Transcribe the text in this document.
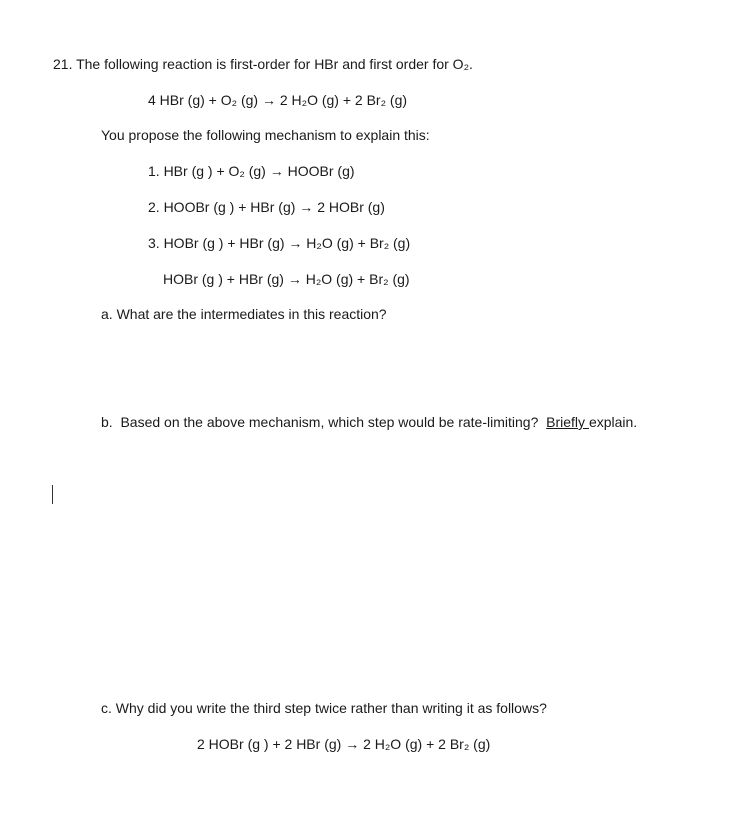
21. The following reaction is first-order for HBr and first order for O₂.
4 HBr (g) + O₂ (g) → 2 H₂O (g) + 2 Br₂ (g)
You propose the following mechanism to explain this:
1. HBr (g ) + O₂ (g) → HOOBr (g)
2. HOOBr (g ) + HBr (g) → 2 HOBr (g)
3. HOBr (g ) + HBr (g) → H₂O (g) + Br₂ (g)
HOBr (g ) + HBr (g) → H₂O (g) + Br₂ (g)
a. What are the intermediates in this reaction?
b.  Based on the above mechanism, which step would be rate-limiting?  Briefly explain.
c. Why did you write the third step twice rather than writing it as follows?
2 HOBr (g ) + 2 HBr (g) → 2 H₂O (g) + 2 Br₂ (g)
